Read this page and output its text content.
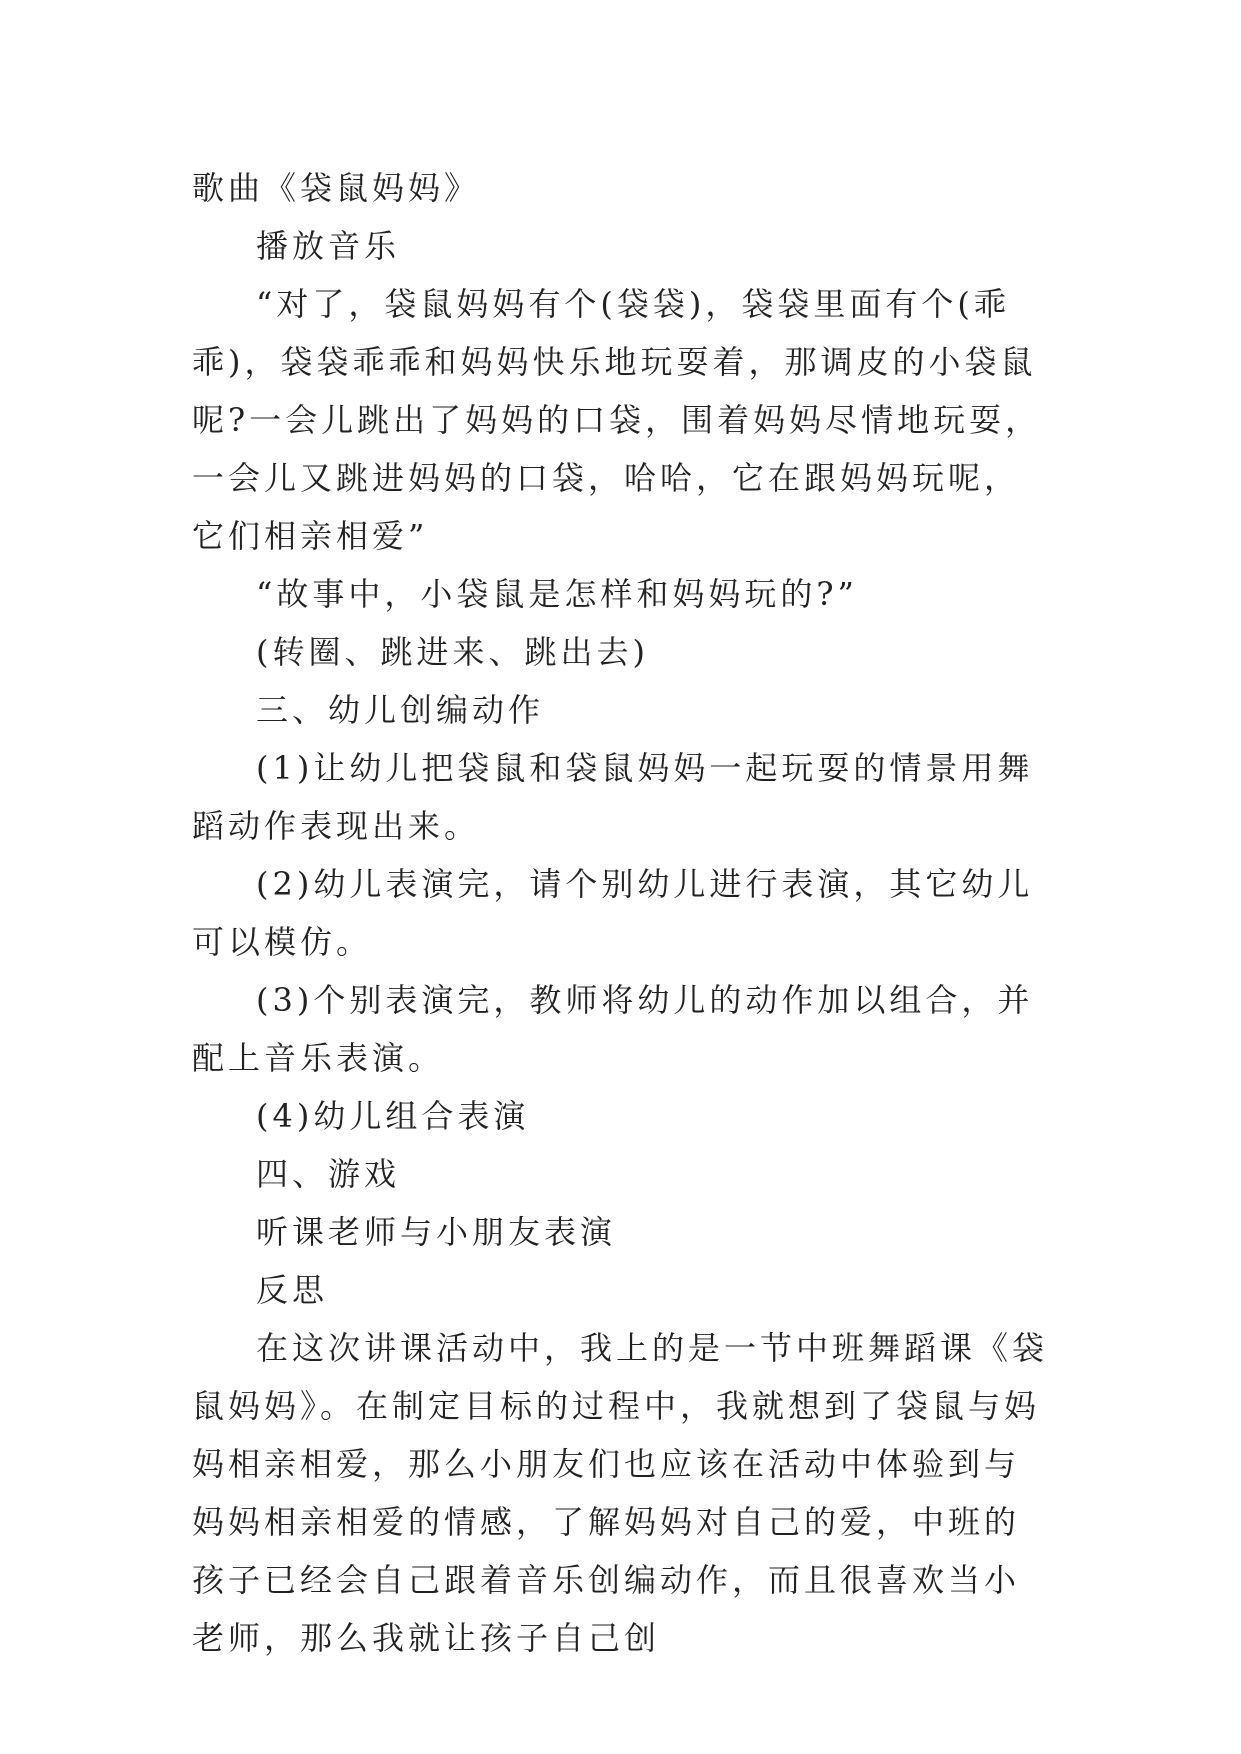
歌曲《袋鼠妈妈》

播放音乐

“对了，袋鼠妈妈有个(袋袋)，袋袋里面有个(乖乖)，袋袋乖乖和妈妈快乐地玩耍着，那调皮的小袋鼠呢?一会儿跳出了妈妈的口袋，围着妈妈尽情地玩耍，一会儿又跳进妈妈的口袋，哈哈，它在跟妈妈玩呢，它们相亲相爱”

“故事中，小袋鼠是怎样和妈妈玩的?”

(转圈、跳进来、跳出去)

三、幼儿创编动作

(1)让幼儿把袋鼠和袋鼠妈妈一起玩耍的情景用舞蹈动作表现出来。

(2)幼儿表演完，请个别幼儿进行表演，其它幼儿可以模仿。

(3)个别表演完，教师将幼儿的动作加以组合，并配上音乐表演。

(4)幼儿组合表演

四、游戏

听课老师与小朋友表演

反思

在这次讲课活动中，我上的是一节中班舞蹈课《袋鼠妈妈》。在制定目标的过程中，我就想到了袋鼠与妈妈相亲相爱，那么小朋友们也应该在活动中体验到与妈妈相亲相爱的情感，了解妈妈对自己的爱，中班的孩子已经会自己跟着音乐创编动作，而且很喜欢当小老师，那么我就让孩子自己创
